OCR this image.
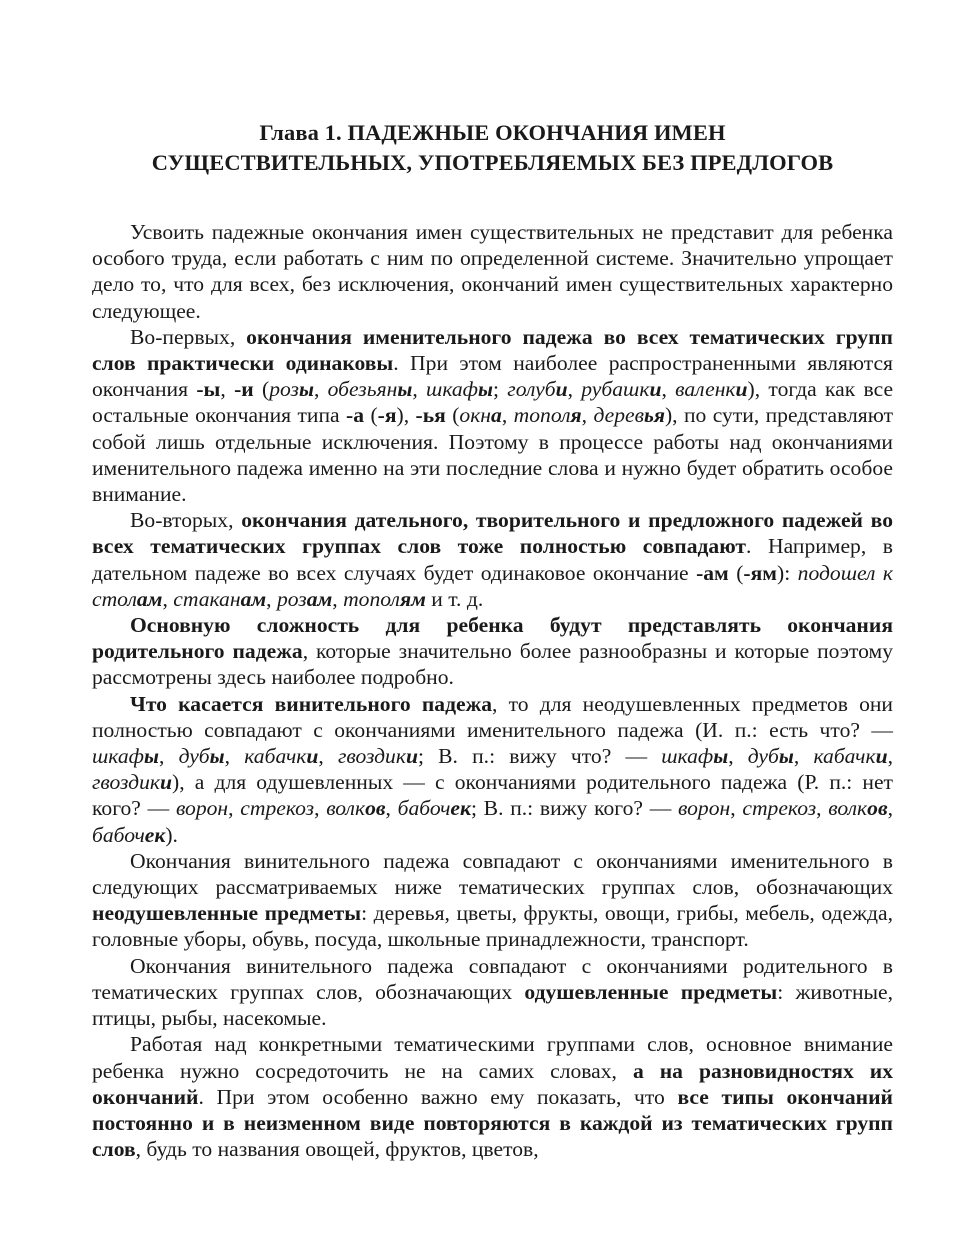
Глава 1. ПАДЕЖНЫЕ ОКОНЧАНИЯ ИМЕН
СУЩЕСТВИТЕЛЬНЫХ, УПОТРЕБЛЯЕМЫХ БЕЗ ПРЕДЛОГОВ

Усвоить падежные окончания имен существительных не представит для ребенка особого труда, если работать с ним по определенной системе. Значительно упрощает дело то, что для всех, без исключения, окончаний имен существительных характерно следующее.

Во-первых, окончания именительного падежа во всех тематических групп слов практически одинаковы. При этом наиболее распространенными являются окончания -ы, -и (розы, обезьяны, шкафы; голуби, рубашки, валенки), тогда как все остальные окончания типа -а (-я), -ья (окна, тополя, деревья), по сути, представляют собой лишь отдельные исключения. Поэтому в процессе работы над окончаниями именительного падежа именно на эти последние слова и нужно будет обратить особое внимание.

Во-вторых, окончания дательного, творительного и предложного падежей во всех тематических группах слов тоже полностью совпадают. Например, в дательном падеже во всех случаях будет одинаковое окончание -ам (-ям): подошел к столам, стаканам, розам, тополям и т. д.

Основную сложность для ребенка будут представлять окончания родительного падежа, которые значительно более разнообразны и которые поэтому рассмотрены здесь наиболее подробно.

Что касается винительного падежа, то для неодушевленных предметов они полностью совпадают с окончаниями именительного падежа (И. п.: есть что? — шкафы, дубы, кабачки, гвоздики; В. п.: вижу что? — шкафы, дубы, кабачки, гвоздики), а для одушевленных — с окончаниями родительного падежа (Р. п.: нет кого? — ворон, стрекоз, волков, бабочек; В. п.: вижу кого? — ворон, стрекоз, волков, бабочек).

Окончания винительного падежа совпадают с окончаниями именительного в следующих рассматриваемых ниже тематических группах слов, обозначающих неодушевленные предметы: деревья, цветы, фрукты, овощи, грибы, мебель, одежда, головные уборы, обувь, посуда, школьные принадлежности, транспорт.

Окончания винительного падежа совпадают с окончаниями родительного в тематических группах слов, обозначающих одушевленные предметы: животные, птицы, рыбы, насекомые.

Работая над конкретными тематическими группами слов, основное внимание ребенка нужно сосредоточить не на самих словах, а на разновидностях их окончаний. При этом особенно важно ему показать, что все типы окончаний постоянно и в неизменном виде повторяются в каждой из тематических групп слов, будь то названия овощей, фруктов, цветов,
